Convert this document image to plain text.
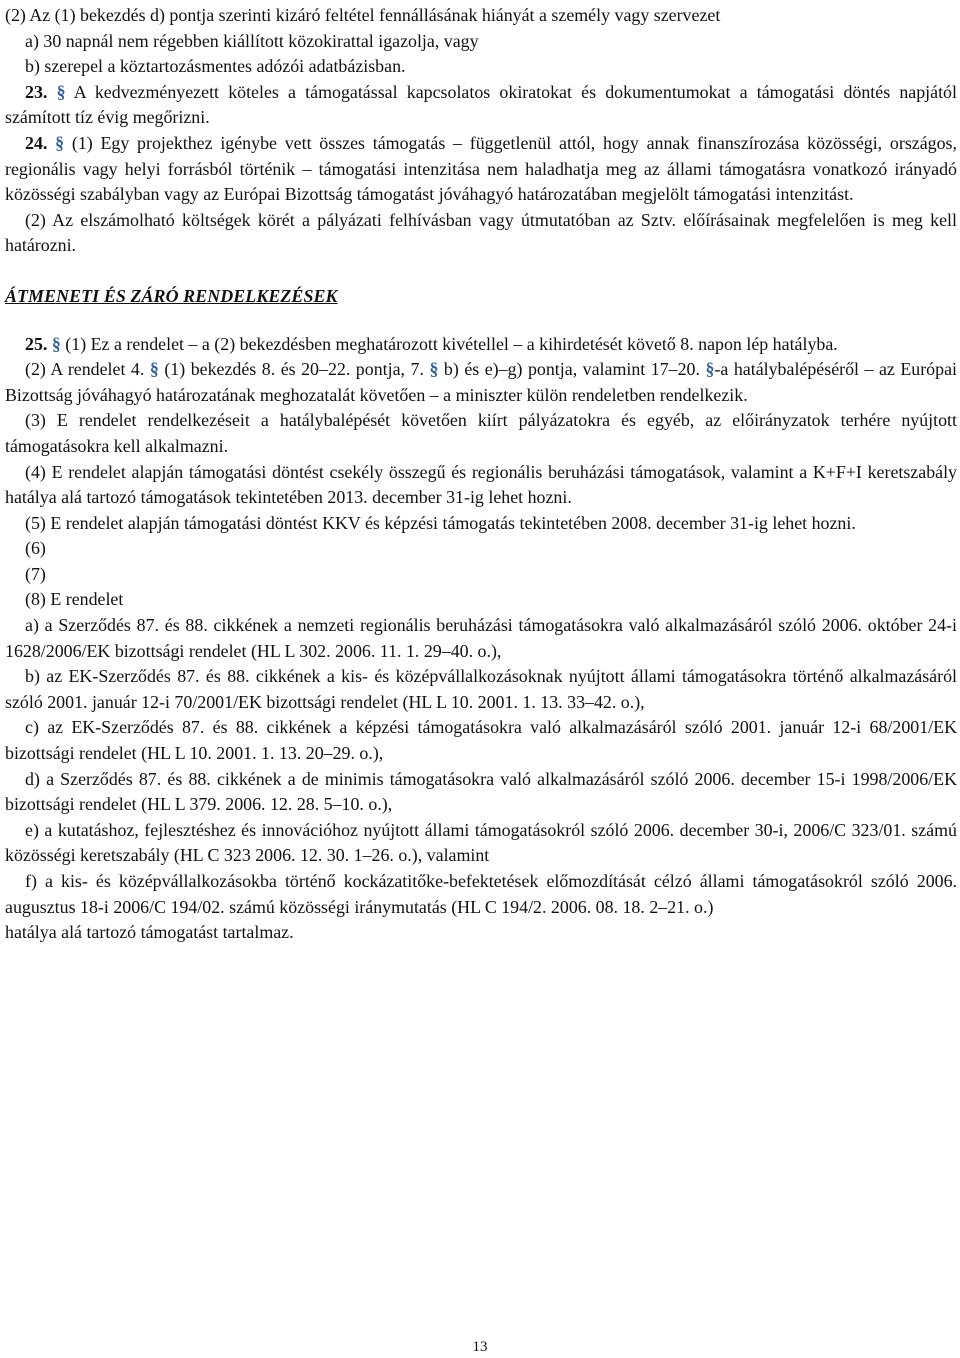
(2) Az (1) bekezdés d) pontja szerinti kizáró feltétel fennállásának hiányát a személy vagy szervezet

a) 30 napnál nem régebben kiállított közokirattal igazolja, vagy

b) szerepel a köztartozásmentes adózói adatbázisban.

23. § A kedvezményezett köteles a támogatással kapcsolatos okiratokat és dokumentumokat a támogatási döntés napjától számított tíz évig megőrizni.

24. § (1) Egy projekthez igénybe vett összes támogatás – függetlenül attól, hogy annak finanszírozása közösségi, országos, regionális vagy helyi forrásból történik – támogatási intenzitása nem haladhatja meg az állami támogatásra vonatkozó irányadó közösségi szabályban vagy az Európai Bizottság támogatást jóváhagyó határozatában megjelölt támogatási intenzitást.

(2) Az elszámolható költségek körét a pályázati felhívásban vagy útmutatóban az Sztv. előírásainak megfelelően is meg kell határozni.

ÁTMENETI ÉS ZÁRÓ RENDELKEZÉSEK

25. § (1) Ez a rendelet – a (2) bekezdésben meghatározott kivétellel – a kihirdetését követő 8. napon lép hatályba.

(2) A rendelet 4. § (1) bekezdés 8. és 20–22. pontja, 7. § b) és e)–g) pontja, valamint 17–20. §-a hatálybalépéséről – az Európai Bizottság jóváhagyó határozatának meghozatalát követően – a miniszter külön rendeletben rendelkezik.

(3) E rendelet rendelkezéseit a hatálybalépését követően kiírt pályázatokra és egyéb, az előirányzatok terhére nyújtott támogatásokra kell alkalmazni.

(4) E rendelet alapján támogatási döntést csekély összegű és regionális beruházási támogatások, valamint a K+F+I keretszabály hatálya alá tartozó támogatások tekintetében 2013. december 31-ig lehet hozni.

(5) E rendelet alapján támogatási döntést KKV és képzési támogatás tekintetében 2008. december 31-ig lehet hozni.

(6)

(7)

(8) E rendelet

a) a Szerződés 87. és 88. cikkének a nemzeti regionális beruházási támogatásokra való alkalmazásáról szóló 2006. október 24-i 1628/2006/EK bizottsági rendelet (HL L 302. 2006. 11. 1. 29–40. o.),

b) az EK-Szerződés 87. és 88. cikkének a kis- és középvállalkozásoknak nyújtott állami támogatásokra történő alkalmazásáról szóló 2001. január 12-i 70/2001/EK bizottsági rendelet (HL L 10. 2001. 1. 13. 33–42. o.),

c) az EK-Szerződés 87. és 88. cikkének a képzési támogatásokra való alkalmazásáról szóló 2001. január 12-i 68/2001/EK bizottsági rendelet (HL L 10. 2001. 1. 13. 20–29. o.),

d) a Szerződés 87. és 88. cikkének a de minimis támogatásokra való alkalmazásáról szóló 2006. december 15-i 1998/2006/EK bizottsági rendelet (HL L 379. 2006. 12. 28. 5–10. o.),

e) a kutatáshoz, fejlesztéshez és innovációhoz nyújtott állami támogatásokról szóló 2006. december 30-i, 2006/C 323/01. számú közösségi keretszabály (HL C 323 2006. 12. 30. 1–26. o.), valamint

f) a kis- és középvállalkozásokba történő kockázatitőke-befektetések előmozdítását célzó állami támogatásokról szóló 2006. augusztus 18-i 2006/C 194/02. számú közösségi iránymutatás (HL C 194/2. 2006. 08. 18. 2–21. o.)

hatálya alá tartozó támogatást tartalmaz.

13
